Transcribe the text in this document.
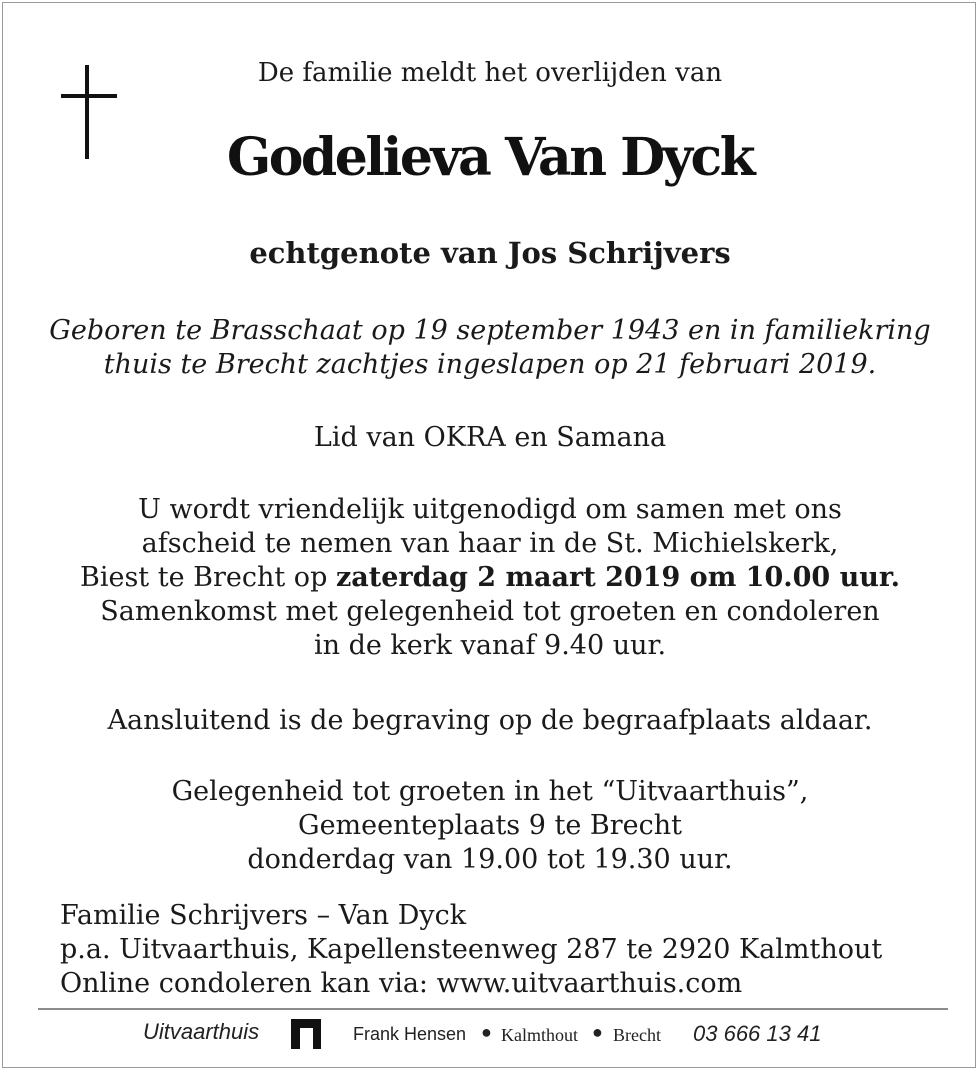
De familie meldt het overlijden van
Godelieva Van Dyck
echtgenote van Jos Schrijvers
Geboren te Brasschaat op 19 september 1943 en in familiekring
thuis te Brecht zachtjes ingeslapen op 21 februari 2019.
Lid van OKRA en Samana
U wordt vriendelijk uitgenodigd om samen met ons
afscheid te nemen van haar in de St. Michielskerk,
Biest te Brecht op zaterdag 2 maart 2019 om 10.00 uur.
Samenkomst met gelegenheid tot groeten en condoleren
in de kerk vanaf 9.40 uur.
Aansluitend is de begraving op de begraafplaats aldaar.
Gelegenheid tot groeten in het “Uitvaarthuis”,
Gemeenteplaats 9 te Brecht
donderdag van 19.00 tot 19.30 uur.
Familie Schrijvers – Van Dyck
p.a. Uitvaarthuis, Kapellensteenweg 287 te 2920 Kalmthout
Online condoleren kan via: www.uitvaarthuis.com
Uitvaarthuis	Frank Hensen ● Kalmthout ● Brecht 03 666 13 41
